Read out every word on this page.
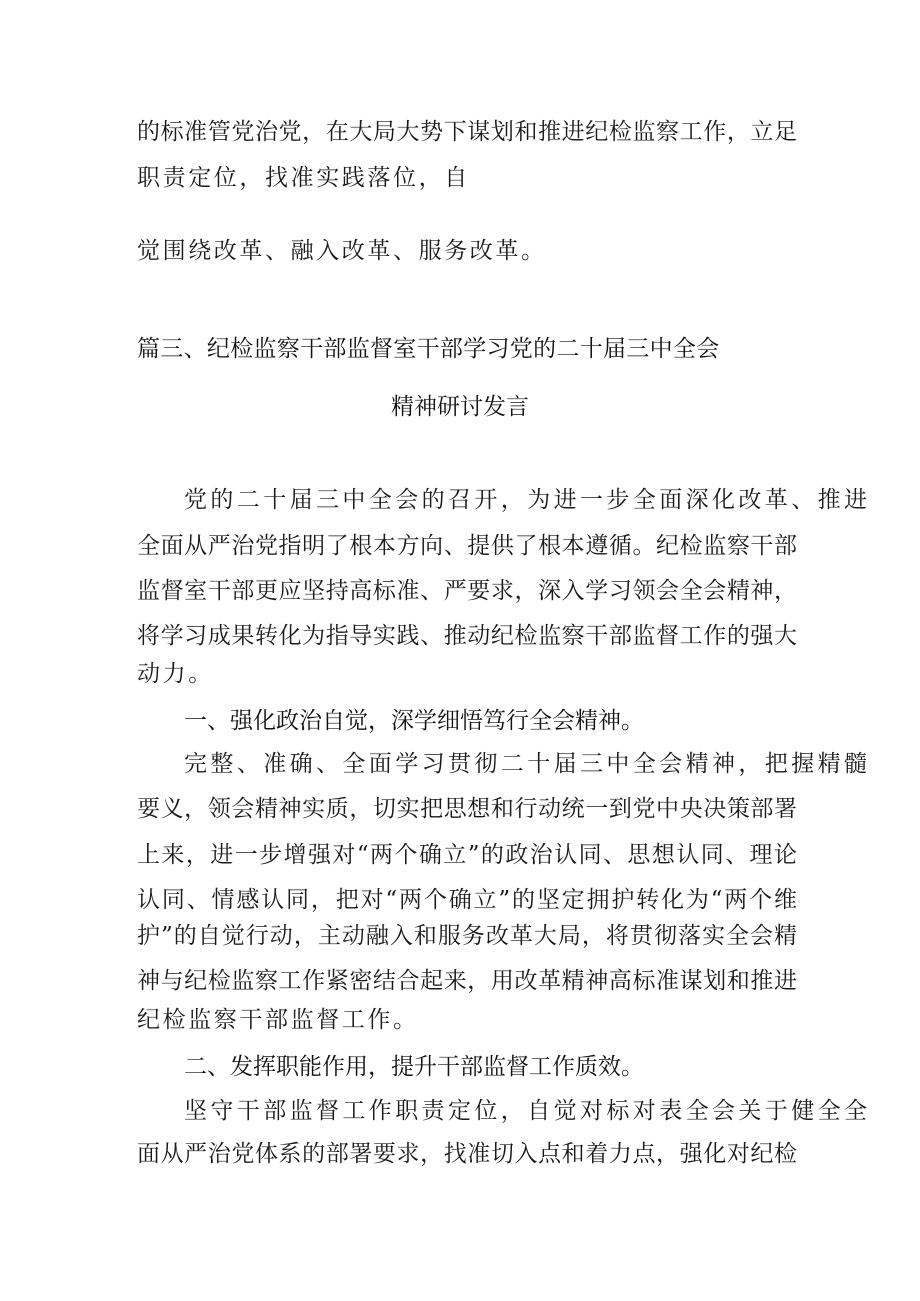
的标准管党治党，在大局大势下谋划和推进纪检监察工作，立足
职责定位，找准实践落位，自
觉围绕改革、融入改革、服务改革。
篇三、纪检监察干部监督室干部学习党的二十届三中全会
精神研讨发言
党的二十届三中全会的召开，为进一步全面深化改革、推进
全面从严治党指明了根本方向、提供了根本遵循。纪检监察干部
监督室干部更应坚持高标准、严要求，深入学习领会全会精神，
将学习成果转化为指导实践、推动纪检监察干部监督工作的强大
动力。
一、强化政治自觉，深学细悟笃行全会精神。
完整、准确、全面学习贯彻二十届三中全会精神，把握精髓
要义，领会精神实质，切实把思想和行动统一到党中央决策部署
上来，进一步增强对“两个确立”的政治认同、思想认同、理论
认同、情感认同，把对“两个确立”的坚定拥护转化为“两个维
护”的自觉行动，主动融入和服务改革大局，将贯彻落实全会精
神与纪检监察工作紧密结合起来，用改革精神高标准谋划和推进
纪检监察干部监督工作。
二、发挥职能作用，提升干部监督工作质效。
坚守干部监督工作职责定位，自觉对标对表全会关于健全全
面从严治党体系的部署要求，找准切入点和着力点，强化对纪检
